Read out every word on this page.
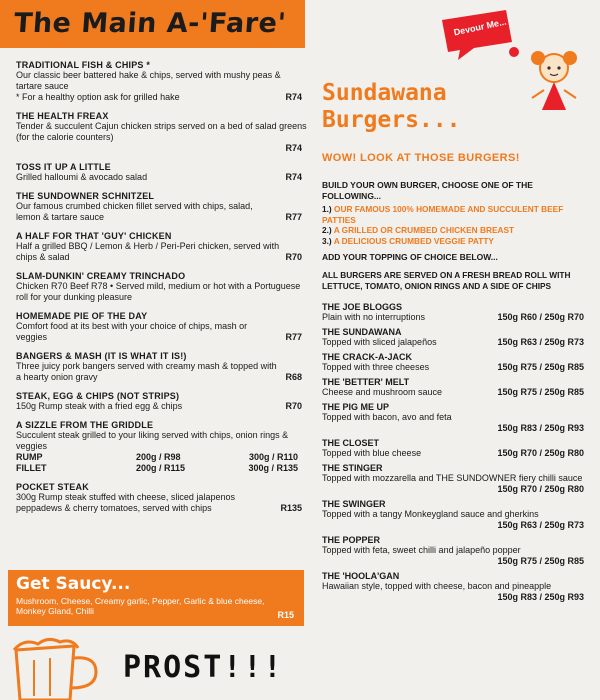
The Main A-'Fare'
TRADITIONAL FISH & CHIPS *
Our classic beer battered hake & chips, served with mushy peas & tartare sauce
* For a healthy option ask for grilled hake	R74
THE HEALTH FREAX
Tender & succulent Cajun chicken strips served on a bed of salad greens (for the calorie counters)
R74
TOSS IT UP A LITTLE
Grilled halloumi & avocado salad	R74
THE SUNDOWNER SCHNITZEL
Our famous crumbed chicken fillet served with chips, salad, lemon & tartare sauce	R77
A HALF FOR THAT 'GUY' CHICKEN
Half a grilled BBQ / Lemon & Herb / Peri-Peri chicken, served with chips & salad	R70
SLAM-DUNKIN' CREAMY TRINCHADO
Chicken R70 Beef R78 • Served mild, medium or hot with a Portuguese roll for your dunking pleasure
HOMEMADE PIE OF THE DAY
Comfort food at its best with your choice of chips, mash or veggies	R77
BANGERS & MASH (IT IS WHAT IT IS!)
Three juicy pork bangers served with creamy mash & topped with a hearty onion gravy	R68
STEAK, EGG & CHIPS (NOT STRIPS)
150g Rump steak with a fried egg & chips	R70
A SIZZLE FROM THE GRIDDLE
Succulent steak grilled to your liking served with chips, onion rings & veggies
RUMP	200g / R98	300g / R110
FILLET	200g / R115	300g / R135
POCKET STEAK
300g Rump steak stuffed with cheese, sliced jalapenos peppadews & cherry tomatoes, served with chips	R135
Get Saucy...
Mushroom, Cheese, Creamy garlic, Pepper, Garlic & blue cheese, Monkey Gland, Chilli	R15
PROST!!!
Devour Me...
Sundawana
Burgers...
WOW! LOOK AT THOSE BURGERS!
BUILD YOUR OWN BURGER, CHOOSE ONE OF THE FOLLOWING...
1.) OUR FAMOUS 100% HOMEMADE AND SUCCULENT BEEF PATTIES
2.) A GRILLED OR CRUMBED CHICKEN BREAST
3.) A DELICIOUS CRUMBED VEGGIE PATTY
ADD YOUR TOPPING OF CHOICE BELOW...
ALL BURGERS ARE SERVED ON A FRESH BREAD ROLL WITH LETTUCE, TOMATO, ONION RINGS AND A SIDE OF CHIPS
THE JOE BLOGGS
Plain with no interruptions	150g R60 / 250g R70
THE SUNDAWANA
Topped with sliced jalapeños	150g R63 / 250g R73
THE CRACK-A-JACK
Topped with three cheeses	150g R75 / 250g R85
THE 'BETTER' MELT
Cheese and mushroom sauce	150g R75 / 250g R85
THE PIG ME UP
Topped with bacon, avo and feta
150g R83 / 250g R93
THE CLOSET
Topped with blue cheese	150g R70 / 250g R80
THE STINGER
Topped with mozzarella and THE SUNDOWNER fiery chilli sauce
150g R70 / 250g R80
THE SWINGER
Topped with a tangy Monkeygland sauce and gherkins
150g R63 / 250g R73
THE POPPER
Topped with feta, sweet chilli and jalapeño popper
150g R75 / 250g R85
THE 'HOOLA'GAN
Hawaiian style, topped with cheese, bacon and pineapple
150g R83 / 250g R93
